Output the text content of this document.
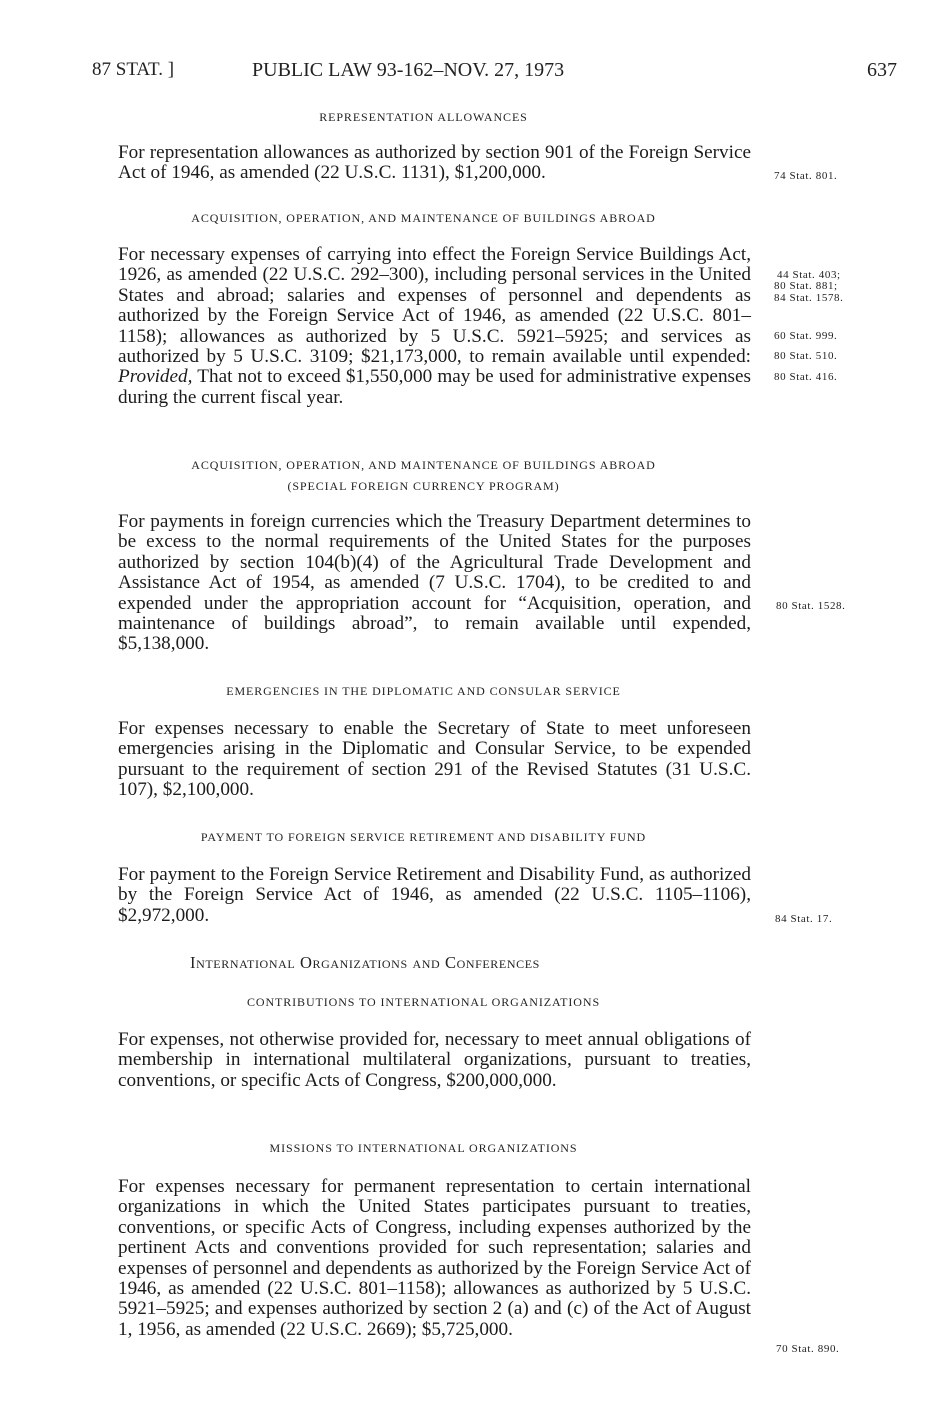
87 STAT. ]	PUBLIC LAW 93-162–NOV. 27, 1973	637
REPRESENTATION ALLOWANCES
For representation allowances as authorized by section 901 of the Foreign Service Act of 1946, as amended (22 U.S.C. 1131), $1,200,000.	74 Stat. 801.
ACQUISITION, OPERATION, AND MAINTENANCE OF BUILDINGS ABROAD
For necessary expenses of carrying into effect the Foreign Service Buildings Act, 1926, as amended (22 U.S.C. 292–300), including personal services in the United States and abroad; salaries and expenses of personnel and dependents as authorized by the Foreign Service Act of 1946, as amended (22 U.S.C. 801–1158); allowances as authorized by 5 U.S.C. 5921–5925; and services as authorized by 5 U.S.C. 3109; $21,173,000, to remain available until expended: Provided, That not to exceed $1,550,000 may be used for administrative expenses during the current fiscal year.
44 Stat. 403;
80 Stat. 881;
84 Stat. 1578.
60 Stat. 999.
80 Stat. 510.
80 Stat. 416.
ACQUISITION, OPERATION, AND MAINTENANCE OF BUILDINGS ABROAD
(SPECIAL FOREIGN CURRENCY PROGRAM)
For payments in foreign currencies which the Treasury Department determines to be excess to the normal requirements of the United States for the purposes authorized by section 104(b)(4) of the Agricultural Trade Development and Assistance Act of 1954, as amended (7 U.S.C. 1704), to be credited to and expended under the appropriation account for “Acquisition, operation, and maintenance of buildings abroad”, to remain available until expended, $5,138,000.
80 Stat. 1528.
EMERGENCIES IN THE DIPLOMATIC AND CONSULAR SERVICE
For expenses necessary to enable the Secretary of State to meet unforeseen emergencies arising in the Diplomatic and Consular Service, to be expended pursuant to the requirement of section 291 of the Revised Statutes (31 U.S.C. 107), $2,100,000.
PAYMENT TO FOREIGN SERVICE RETIREMENT AND DISABILITY FUND
For payment to the Foreign Service Retirement and Disability Fund, as authorized by the Foreign Service Act of 1946, as amended (22 U.S.C. 1105–1106), $2,972,000.	84 Stat. 17.
International Organizations and Conferences
CONTRIBUTIONS TO INTERNATIONAL ORGANIZATIONS
For expenses, not otherwise provided for, necessary to meet annual obligations of membership in international multilateral organizations, pursuant to treaties, conventions, or specific Acts of Congress, $200,000,000.
MISSIONS TO INTERNATIONAL ORGANIZATIONS
For expenses necessary for permanent representation to certain international organizations in which the United States participates pursuant to treaties, conventions, or specific Acts of Congress, including expenses authorized by the pertinent Acts and conventions provided for such representation; salaries and expenses of personnel and dependents as authorized by the Foreign Service Act of 1946, as amended (22 U.S.C. 801–1158); allowances as authorized by 5 U.S.C. 5921–5925; and expenses authorized by section 2 (a) and (c) of the Act of August 1, 1956, as amended (22 U.S.C. 2669); $5,725,000.
70 Stat. 890.
